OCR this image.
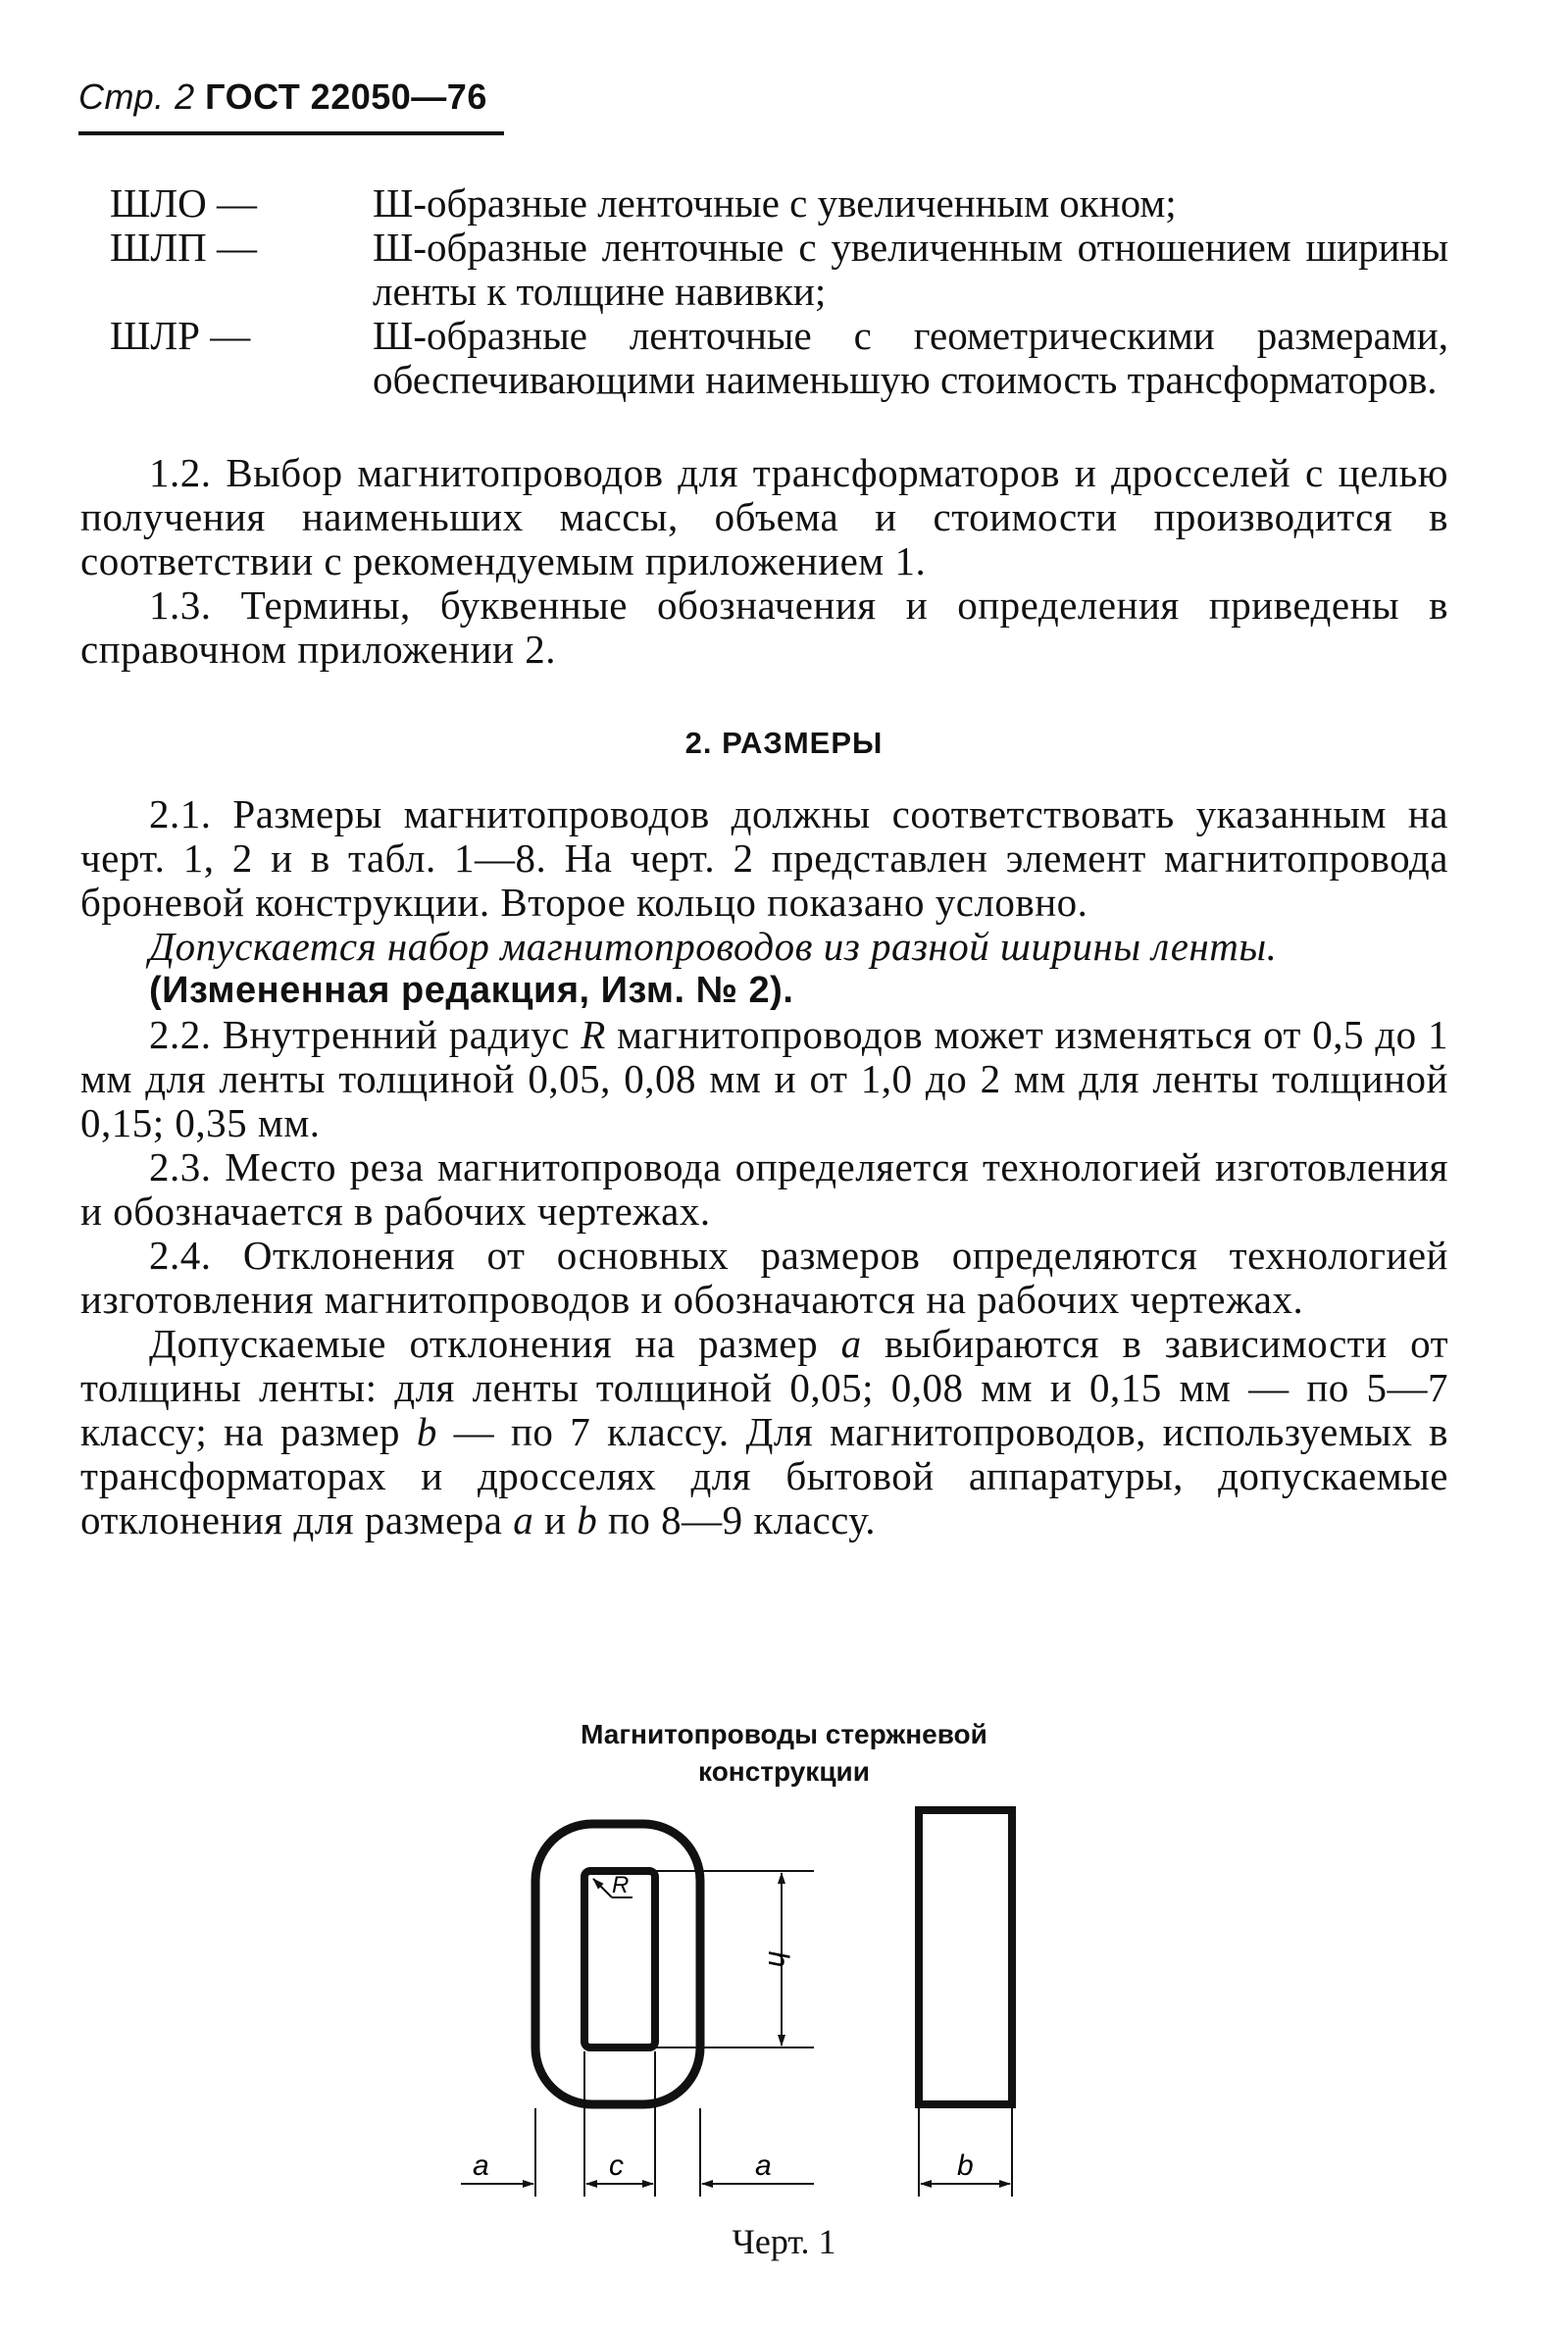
Стр. 2 ГОСТ 22050—76
ШЛО —	Ш-образные ленточные с увеличенным окном;
ШЛП —	Ш-образные ленточные с увеличенным отношением ширины ленты к толщине навивки;
ШЛР —	Ш-образные ленточные с геометрическими размерами, обеспечивающими наименьшую стоимость трансформаторов.

1.2. Выбор магнитопроводов для трансформаторов и дросселей с целью получения наименьших массы, объема и стоимости производится в соответствии с рекомендуемым приложением 1.

1.3. Термины, буквенные обозначения и определения приведены в справочном приложении 2.

2. РАЗМЕРЫ

2.1. Размеры магнитопроводов должны соответствовать указанным на черт. 1, 2 и в табл. 1—8. На черт. 2 представлен элемент магнитопровода броневой конструкции. Второе кольцо показано условно.

Допускается набор магнитопроводов из разной ширины ленты.

(Измененная редакция, Изм. № 2).

2.2. Внутренний радиус R магнитопроводов может изменяться от 0,5 до 1 мм для ленты толщиной 0,05, 0,08 мм и от 1,0 до 2 мм для ленты толщиной 0,15; 0,35 мм.

2.3. Место реза магнитопровода определяется технологией изготовления и обозначается в рабочих чертежах.

2.4. Отклонения от основных размеров определяются технологией изготовления магнитопроводов и обозначаются на рабочих чертежах.

Допускаемые отклонения на размер a выбираются в зависимости от толщины ленты: для ленты толщиной 0,05; 0,08 мм и 0,15 мм — по 5—7 классу; на размер b — по 7 классу. Для магнитопроводов, используемых в трансформаторах и дросселях для бытовой аппаратуры, допускаемые отклонения для размера a и b по 8—9 классу.

Магнитопроводы стержневой
конструкции
R
h
a	c	a	b
Черт. 1
